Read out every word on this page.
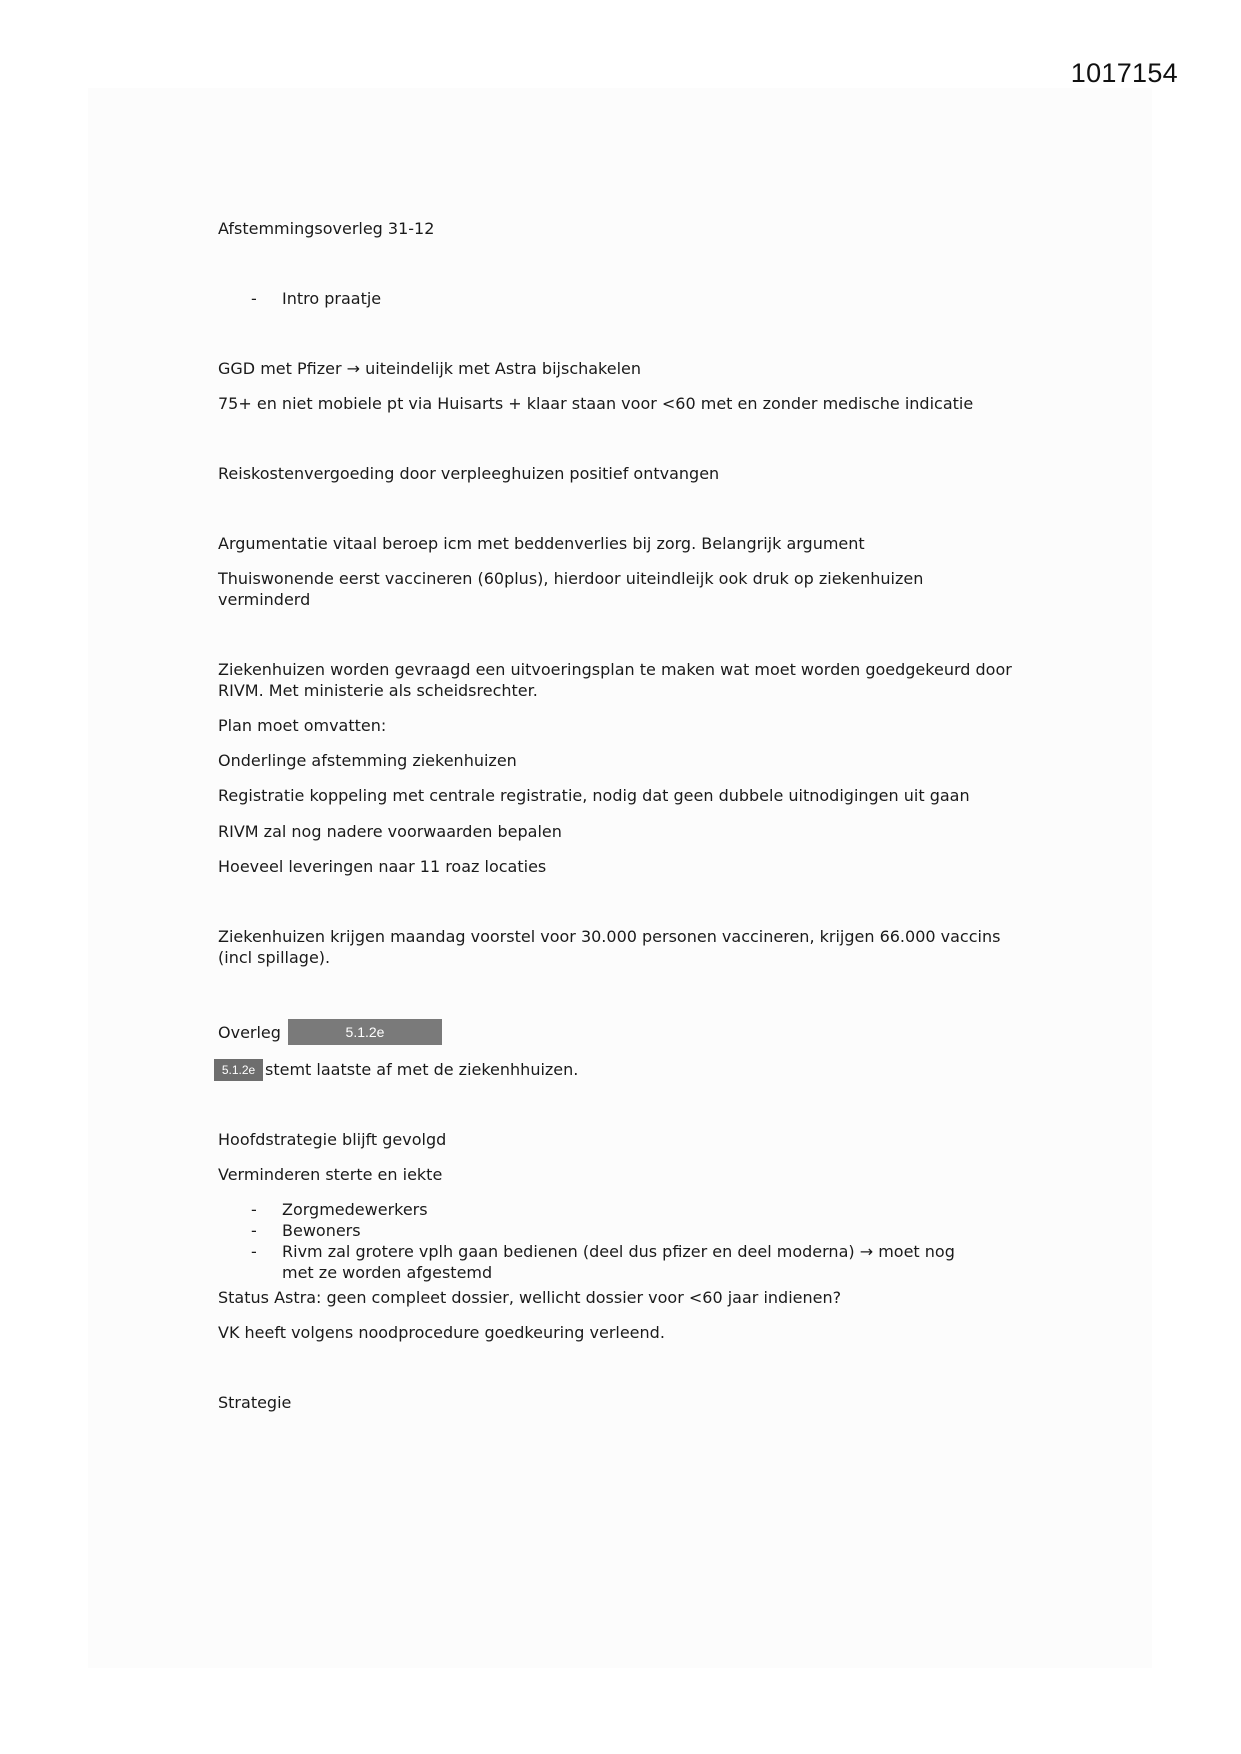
1017154
Afstemmingsoverleg 31-12
- Intro praatje
GGD met Pfizer → uiteindelijk met Astra bijschakelen
75+ en niet mobiele pt via Huisarts + klaar staan voor <60 met en zonder medische indicatie
Reiskostenvergoeding door verpleeghuizen positief ontvangen
Argumentatie vitaal beroep icm met beddenverlies bij zorg. Belangrijk argument
Thuiswonende eerst vaccineren (60plus), hierdoor uiteindleijk ook druk op ziekenhuizen verminderd
Ziekenhuizen worden gevraagd een uitvoeringsplan te maken wat moet worden goedgekeurd door RIVM. Met ministerie als scheidsrechter.
Plan moet omvatten:
Onderlinge afstemming ziekenhuizen
Registratie koppeling met centrale registratie, nodig dat geen dubbele uitnodigingen uit gaan
RIVM zal nog nadere voorwaarden bepalen
Hoeveel leveringen naar 11 roaz locaties
Ziekenhuizen krijgen maandag voorstel voor 30.000 personen vaccineren, krijgen 66.000 vaccins (incl spillage).
Overleg	5.1.2e
5.1.2e stemt laatste af met de ziekenhhuizen.
Hoofdstrategie blijft gevolgd
Verminderen sterte en iekte
- Zorgmedewerkers
- Bewoners
- Rivm zal grotere vplh gaan bedienen (deel dus pfizer en deel moderna) → moet nog met ze worden afgestemd
Status Astra: geen compleet dossier, wellicht dossier voor <60 jaar indienen?
VK heeft volgens noodprocedure goedkeuring verleend.
Strategie
